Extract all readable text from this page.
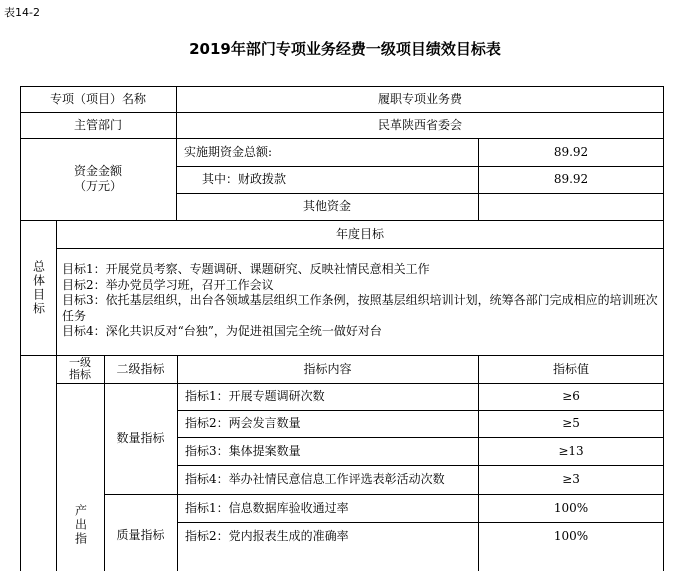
表14-2
2019年部门专项业务经费一级项目绩效目标表
专项（项目）名称	履职专项业务费
主管部门	民革陕西省委会
资金金额
（万元）
实施期资金总额:	89.92
其中：财政拨款	89.92
其他资金
总体目标
年度目标
目标1：开展党员考察、专题调研、课题研究、反映社情民意相关工作
目标2：举办党员学习班，召开工作会议
目标3：依托基层组织，出台各领域基层组织工作条例，按照基层组织培训计划，统筹各部门完成相应的培训班次任务
目标4：深化共识反对“台独”，为促进祖国完全统一做好对台
一级指标	二级指标	指标内容	指标值
产出指
数量指标
指标1：开展专题调研次数	≥6
指标2：两会发言数量	≥5
指标3：集体提案数量	≥13
指标4：举办社情民意信息工作评选表彰活动次数	≥3
质量指标
指标1：信息数据库验收通过率	100%
指标2：党内报表生成的准确率	100%
